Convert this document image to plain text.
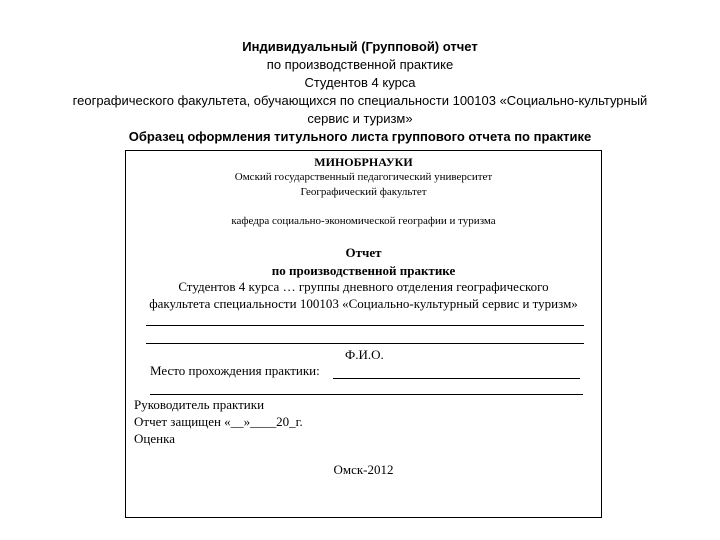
Индивидуальный (Групповой) отчет
по производственной практике
Студентов 4 курса
географического факультета, обучающихся по специальности 100103 «Социально-культурный
сервис и туризм»
Образец оформления титульного листа группового отчета по практике
МИНОБРНАУКИ
Омский государственный педагогический университет
Географический факультет
кафедра социально-экономической географии и туризма
Отчет
по производственной практике
Студентов 4 курса … группы дневного отделения географического
факультета специальности 100103 «Социально-культурный сервис и туризм»
Ф.И.О.
Место прохождения практики:
Руководитель практики
Отчет защищен «__»____20_г.
Оценка
Омск-2012
